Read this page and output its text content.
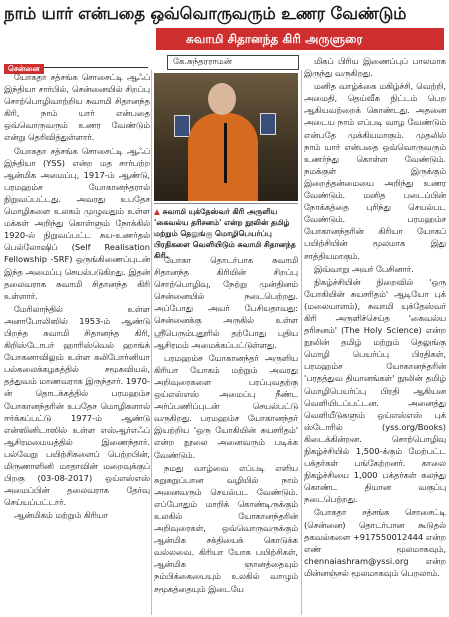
நாம் யார் என்பதை ஒவ்வொருவரும் உணர வேண்டும்
சுவாமி சிதானந்த கிரி அருளுரை
சென்னை
கே.சுந்தரராமன்
▲ சுவாமி யுக்தேஸ்வர் கிரி அருளிய 'கைவல்ய தரிசனம்' என்ற நூலின் தமிழ் மற்றும் தெலுங்கு மொழிபெயர்ப்பு பிரதிகளை வெளியிடும் சுவாமி சிதானந்த கிரி.

யோகதா சத்சங்க சொசைட்டி ஆஃப் இந்தியா சார்பில், சென்னையில் சிறப்பு சொற்பொழிவாற்றிய சுவாமி சிதானந்த கிரி, நாம் யார் என்பதை ஒவ்வொருவரும் உணர வேண்டும் என்று தெரிவித்துள்ளார்.

யோகதா சத்சங்க சொசைட்டி ஆஃப் இந்தியா (YSS) என்ற மத சார்பற்ற ஆன்மிக அமைப்பு, 1917-ம் ஆண்டு, பரமஹம்ச யோகானந்தரால் நிறுவப்பட்டது. அவரது உபதேச மொழிகளை உலகம் முழுவதும் உள்ள மக்கள் அறிந்து கொள்ளும் நோக்கில் 1920-ல் நிறுவப்பட்ட சுய-உணர்தல் பெல்லோஷிப் (Self Realisation Fellowship -SRF) ஒருங்கிணைப்புடன் இந்த அமைப்பு செயல்படுகிறது. இதன் தலைவராக சுவாமி சிதானந்த கிரி உள்ளார்.

மேரிலாந்தில் உள்ள அனாபோலிஸில் 1953-ம் ஆண்டு பிறந்த சுவாமி சிதானந்த கிரி, கிறிஸ்டோபர் ஹாரிஸ்வெல் ஹாங்க் யோகனாவிலும் உள்ள கலிபோர்னியா பல்கலைக்கழகத்தில் சமூகவியல், தத்துவம் மாணவராக இருந்தார். 1970-ன் தொடக்கத்தில் பரமஹம்ச யோகானந்தரின் உபதேச மொழிகளால் ஈர்க்கப்பட்டு 1977-ம் ஆண்டு என்ஸினிடாஸில் உள்ள எஸ்ஆர்எஃப் ஆசிரமமையத்தில் இணைந்தார். பல்வேறு பயிற்சிகளைப் பெற்றபின், மிருணாளினி மாதாவின் மறைவுக்குப் பிறகு (03-08-2017) ஒய்எஸ்எஸ் அமைப்பின் தலைவராக தேர்வு செய்யப்பட்டார்.

ஆன்மிகம் மற்றும் கிரியா

யோகா தொடர்பாக சுவாமி சிதானந்த கிரியின் சிறப்பு சொற்பொழிவு, நேற்று முன்தினம் சென்னையில் நடைபெற்றது. அப்போது அவர் பேசியதாவது: சென்னைக்கு அருகில் உள்ள ஸ்ரீபெரும்புதூரில் தற்போது புதிய ஆசிரமம் அமைக்கப்பட்டுள்ளது.

பரமஹம்ச யோகானந்தர் அருளிய கிரியா யோகம் மற்றும் அவரது அறிவுரைகளை பரப்புவதற்கு ஒய்எஸ்எஸ் அமைப்பு நீண்ட அர்ப்பணிப்புடன் செயல்பட்டு வருகிறது. பரமஹம்ச யோகானந்தர் இயற்றிய 'ஒரு யோகியின் சுயசரிதம்' என்ற நூலை அனைவரும் படிக்க வேண்டும்.

நமது வாழ்வை எப்படி எளிய சுறுசுறுப்பான வழியில் நாம் அனைவரும் செயல்பட வேண்டும். எப்போதும் மாறிக் கொண்டிருக்கும் உலகில் யோகானந்தரின் அறிவுரைகள், ஒவ்வொருவருக்கும் ஆன்மிக சக்தியைக் கொடுக்க வல்லவை. கிரியா யோக பயிற்சிகள், ஆன்மிக ஞானத்தையும் நம்பிக்கையையும் உலகில் வாழும் சமூகத்தையும் இடையே

மிகப் பிரிய இணைப்புப் பாலமாக இருந்து வருகிறது.

மனித வாழ்க்கை மகிழ்ச்சி, வெற்றி, அமைதி, தெய்வீக நிட்டம் பெற ஆகியவற்றைக் கொண்டது. அதனை அடைய நாம் எப்படி வாழ வேண்டும் என்பதே முக்கியமாகும். முதலில் நாம் யார் என்பதை ஒவ்வொருவரும் உணர்ந்து கொள்ள வேண்டும். நமக்குள் இருக்கும் இறைத்தன்மையை அறிந்து உணர வேண்டும். மனித படைப்பின் நோக்கத்தை புரிந்து செயல்பட வேண்டும். பரமஹம்ச யோகானந்தரின் கிரியா யோகப் பயிற்சியின் மூலமாக இது சாத்தியமாகும்.

இவ்வாறு அவர் பேசினார்.

நிகழ்ச்சியின் நிறைவில் 'ஒரு யோகியின் சுயசரிதம்' ஆடியோ புக் (மலையாளம்), சுவாமி யுக்தேஸ்வர் கிரி அருளிச்செய்த 'கைவல்ய தரிசனம்' (The Holy Science) என்ற நூலின் தமிழ் மற்றும் தெலுங்கு மொழி பெயர்ப்பு பிரதிகள், பரமஹம்ச யோகானந்தரின் 'பரதத்துவ தியானங்கள்' நூலின் தமிழ் மொழிபெயர்ப்பு பிரதி ஆகியன வெளியிடப்பட்டன. அனைத்து வெளியீடுகளும் ஒய்எஸ்எஸ் புக் ஸ்டோரில் (yss.org/Books) கிடைக்கின்றன. சொற்பொழிவு நிகழ்ச்சியில் 1,500-க்கும் மேற்பட்ட பக்தர்கள் பங்கேற்றனர். காலை நிகழ்ச்சியை 1,000 பக்தர்கள் கலந்து கொண்ட தியான வகுப்பு நடைபெற்றது.

யோகதா சத்சங்க சொசைட்டி (சென்னை) தொடர்பான கூடுதல் தகவல்களை +917550012444 என்ற எண் மூலமாகவும், chennaiashram@yssi.org என்ற மின்னஞ்சல் மூலமாகவும் பெறலாம்.
